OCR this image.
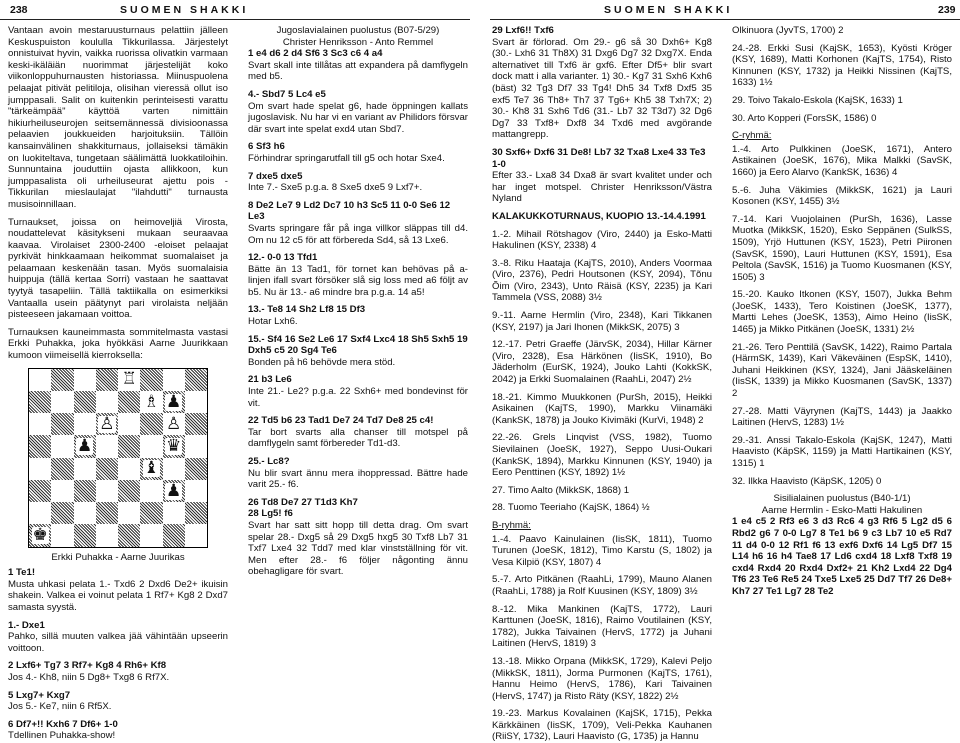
238	SUOMEN SHAKKI	SUOMEN SHAKKI	239

Vantaan avoin mestaruusturnaus pelattiin jälleen Keskuspuiston koululla Tikkurilassa. Järjestelyt onnistuivat hyvin, vaikka ruorissa olivatkin varmaan keski-ikäläiän nuorimmat järjestelijät koko viikonloppuhurnausten historiassa. Miinuspuolena pelaajat pitivät pelitiloja, olisihan vieressä ollut iso jumppasali. Salit on kuitenkin perinteisesti varattu "tärkeämpää" käyttöä varten nimittäin hikiurheiluseurojen seitsemännessä divisioonassa pelaavien joukkueiden harjoituksiin. Tällöin kansainvälinen shakkiturnaus, jollaiseksi tämäkin on luokiteltava, tungetaan säälimättä luokkatiloihin. Sunnuntaina jouduttiin ojasta allikkoon, kun jumppasalista oli urheiluseurat ajettu pois - Tikkurilan mieslaulajat "ilahdutti" turnausta musisoinnillaan.

Turnaukset, joissa on heimoveljiä Virosta, noudattelevat käsitykseni mukaan seuraavaa kaavaa. Virolaiset 2300-2400 -eloiset pelaajat pyrkivät hinkkaamaan heikommat suomalaiset ja pelaamaan keskenään tasan. Myös suomalaisia huippuja (tällä kertaa Sorri) vastaan he saattavat tyytyä tasapeliin. Tällä taktiikalla on esimerkiksi Vantaalla usein päätynyt pari virolaista neljään pisteeseen jakamaan voittoa.

Turnauksen kauneimmasta sommitelmasta vastasi Erkki Puhakka, joka hyökkäsi Aarne Juurikkaan kumoon viimeisellä kierroksella:

♖
♗ ♟
♙	♙
♟	♛
♝
♟
♚
Erkki Puhakka - Aarne Juurikas
1 Te1!

Musta uhkasi pelata 1.- Txd6 2 Dxd6 De2+ ikuisin shakein. Valkea ei voinut pelata 1 Rf7+ Kg8 2 Dxd7 samasta syystä.

1.- Dxe1

Pahko, sillä muuten valkea jää vähintään upseerin voittoon.

2 Lxf6+ Tg7 3 Rf7+ Kg8 4 Rh6+ Kf8

Jos 4.- Kh8, niin 5 Dg8+ Txg8 6 Rf7X.

5 Lxg7+ Kxg7

Jos 5.- Ke7, niin 6 Rf5X.

6 Df7+!! Kxh6 7 Df6+ 1-0

Tdellinen Puhakka-show!

Jugoslavialainen puolustus (B07-5/29)
Christer Henriksson - Anto Remmel
1 e4 d6 2 d4 Sf6 3 Sc3 c6 4 a4

Svart skall inte tillåtas att expandera på damflygeln med b5.

4.- Sbd7 5 Lc4 e5

Om svart hade spelat g6, hade öppningen kallats jugoslavisk. Nu har vi en variant av Philidors försvar där svart inte spelat exd4 utan Sbd7.

6 Sf3 h6

Förhindrar springarutfall till g5 och hotar Sxe4.

7 dxe5 dxe5

Inte 7.- Sxe5 p.g.a. 8 Sxe5 dxe5 9 Lxf7+.

8 De2 Le7 9 Ld2 Dc7 10 h3 Sc5 11 0-0 Se6 12 Le3

Svarts springare får på inga villkor släppas till d4. Om nu 12 c5 för att förbereda Sd4, så 13 Lxe6.

12.- 0-0 13 Tfd1

Bätte än 13 Tad1, för tornet kan behövas på a-linjen ifall svart försöker slå sig loss med a6 följt av b5. Nu är 13.- a6 mindre bra p.g.a. 14 a5!

13.- Te8 14 Sh2 Lf8 15 Df3

Hotar Lxh6.

15.- Sf4 16 Se2 Le6 17 Sxf4 Lxc4 18 Sh5 Sxh5 19 Dxh5 c5 20 Sg4 Te6

Bonden på h6 behövde mera stöd.

21 b3 Lе6

Inte 21.- Le2? p.g.a. 22 Sxh6+ med bondevinst för vit.

22 Td5 b6 23 Tad1 De7 24 Td7 De8 25 c4!

Tar bort svarts alla chanser till motspel på damflygeln samt förbereder Td1-d3.

25.- Lc8?

Nu blir svart ännu mera ihoppressad. Bättre hade varit 25.- f6.

26 Td8 De7 27 T1d3 Kh7
28 Lg5! f6

Svart har satt sitt hopp till detta drag. Om svart spelar 28.- Dxg5 så 29 Dxg5 hxg5 30 Txf8 Lb7 31 Txf7 Lxe4 32 Tdd7 med klar vinstställning för vit. Men efter 28.- f6 följer någonting ännu obehagligare för svart.

29 Lxf6!! Txf6

Svart är förlorad. Om 29.- g6 så 30 Dxh6+ Kg8 (30.- Lxh6 31 Th8X) 31 Dxg6 Dg7 32 Dxg7X. Enda alternativet till Txf6 är gxf6. Efter Df5+ blir svart dock matt i alla varianter. 1) 30.- Kg7 31 Sxh6 Kxh6 (bäst) 32 Tg3 Df7 33 Tg4! Dh5 34 Txf8 Dxf5 35 exf5 Te7 36 Th8+ Th7 37 Tg6+ Kh5 38 Txh7X; 2) 30.- Kh8 31 Sxh6 Td6 (31.- Lb7 32 T3d7) 32 Dg6 Dg7 33 Txf8+ Dxf8 34 Txd6 med avgörande mattangrepp.

30 Sxf6+ Dxf6 31 De8! Lb7 32 Txa8 Lxe4 33 Te3 1-0

Efter 33.- Lxa8 34 Dxa8 är svart kvalitet under och har inget motspel. Christer Henriksson/Västra Nyland

KALAKUKKOTURNAUS, KUOPIO 13.-14.4.1991

1.-2. Mihail Rötshagov (Viro, 2440) ja Esko-Matti Hakulinen (KSY, 2338) 4

3.-8. Riku Haataja (KajTS, 2010), Anders Voormaa (Viro, 2376), Pedri Houtsonen (KSY, 2094), Tõnu Õim (Viro, 2343), Unto Räisä (KSY, 2235) ja Kari Tammela (VSS, 2088) 3½

9.-11. Aarne Hermlin (Viro, 2348), Kari Tikkanen (KSY, 2197) ja Jari Ihonen (MikkSK, 2075) 3

12.-17. Petri Graeffe (JärvSK, 2034), Hillar Kärner (Viro, 2328), Esa Härkönen (IisSK, 1910), Bo Jäderholm (EurSK, 1924), Jouko Lahti (KokkSK, 2042) ja Erkki Suomalainen (RaahLi, 2047) 2½

18.-21. Kimmo Muukkonen (PurSh, 2015), Heikki Asikainen (KajTS, 1990), Markku Viinamäki (KankSK, 1878) ja Jouko Kivimäki (KurVi, 1948) 2

22.-26. Grels Linqvist (VSS, 1982), Tuomo Sievilainen (JoeSK, 1927), Seppo Uusi-Oukari (KankSK, 1894), Markku Kinnunen (KSY, 1940) ja Eero Penttinen (KSY, 1892) 1½

27. Timo Aalto (MikkSK, 1868) 1

28. Tuomo Teeriaho (KajSK, 1864) ½

B-ryhmä:

1.-4. Paavo Kainulainen (IisSK, 1811), Tuomo Turunen (JoeSK, 1812), Timo Karstu (S, 1802) ja Vesa Kilpiö (KSY, 1807) 4

5.-7. Arto Pitkänen (RaahLi, 1799), Mauno Alanen (RaahLi, 1788) ja Rolf Kuusinen (KSY, 1809) 3½

8.-12. Mika Mankinen (KajTS, 1772), Lauri Karttunen (JoeSK, 1816), Raimo Voutilainen (KSY, 1782), Jukka Taivainen (HervS, 1772) ja Juhani Laitinen (HervS, 1819) 3

13.-18. Mikko Orpana (MikkSK, 1729), Kalevi Peljo (MikkSK, 1811), Jorma Purmonen (KajTS, 1761), Hannu Heimo (HervS, 1786), Kari Taivainen (HervS, 1747) ja Risto Räty (KSY, 1822) 2½

19.-23. Markus Kovalainen (KajSK, 1715), Pekka Kärkkäinen (IisSK, 1709), Veli-Pekka Kauhanen (RiiSY, 1732), Lauri Haavisto (G, 1735) ja Hannu

Olkinuora (JyvTS, 1700) 2

24.-28. Erkki Susi (KajSK, 1653), Kyösti Kröger (KSY, 1689), Matti Korhonen (KajTS, 1754), Risto Kinnunen (KSY, 1732) ja Heikki Nissinen (KajTS, 1633) 1½

29. Toivo Takalo-Eskola (KajSK, 1633) 1

30. Arto Kopperi (ForsSK, 1586) 0

C-ryhmä:

1.-4. Arto Pulkkinen (JoeSK, 1671), Antero Astikainen (JoeSK, 1676), Mika Malkki (SavSK, 1660) ja Eero Alarvo (KankSK, 1636) 4

5.-6. Juha Väkimies (MikkSK, 1621) ja Lauri Kosonen (KSY, 1455) 3½

7.-14. Kari Vuojolainen (PurSh, 1636), Lasse Muotka (MikkSK, 1520), Esko Seppänen (SulkSS, 1509), Yrjö Huttunen (KSY, 1523), Petri Piironen (SavSK, 1590), Lauri Huttunen (KSY, 1591), Esa Peltola (SavSK, 1516) ja Tuomo Kuosmanen (KSY, 1505) 3

15.-20. Kauko Itkonen (KSY, 1507), Jukka Behm (JoeSK, 1433), Tero Koistinen (JoeSK, 1377), Martti Lehes (JoeSK, 1353), Aimo Heino (IisSK, 1465) ja Mikko Pitkänen (JoeSK, 1331) 2½

21.-26. Tero Penttilä (SavSK, 1422), Raimo Partala (HärmSK, 1439), Kari Väkeväinen (EspSK, 1410), Juhani Heikkinen (KSY, 1324), Jani Jääskeläinen (IisSK, 1339) ja Mikko Kuosmanen (SavSK, 1337) 2

27.-28. Matti Väyrynen (KajTS, 1443) ja Jaakko Laitinen (HervS, 1283) 1½

29.-31. Anssi Takalo-Eskola (KajSK, 1247), Matti Haavisto (KäpSK, 1159) ja Matti Hartikainen (KSY, 1315) 1

32. Ilkka Haavisto (KäpSK, 1205) 0

Sisilialainen puolustus (B40-1/1)
Aarne Hermlin - Esko-Matti Hakulinen

1 e4 c5 2 Rf3 e6 3 d3 Rc6 4 g3 Rf6 5 Lg2 d5 6 Rbd2 g6 7 0-0 Lg7 8 Te1 b6 9 c3 Lb7 10 e5 Rd7 11 d4 0-0 12 Rf1 f6 13 exf6 Dxf6 14 Lg5 Df7 15 L14 h6 16 h4 Tae8 17 Ld6 cxd4 18 Lxf8 Txf8 19 cxd4 Rxd4 20 Rxd4 Dxf2+ 21 Kh2 Lxd4 22 Dg4 Tf6 23 Te6 Re5 24 Txe5 Lxe5 25 Dd7 Tf7 26 De8+ Kh7 27 Te1 Lg7 28 Te2
